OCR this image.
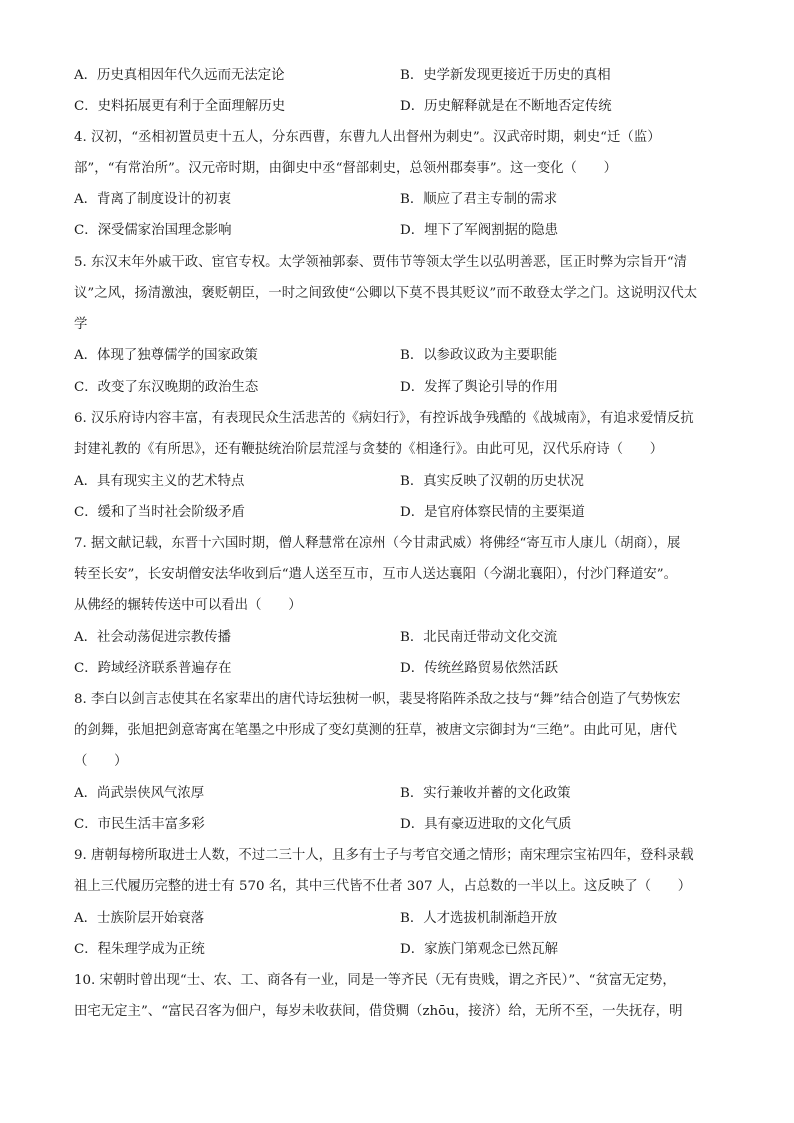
A．历史真相因年代久远而无法定论	B．史学新发现更接近于历史的真相
C．史料拓展更有利于全面理解历史	D．历史解释就是在不断地否定传统
4. 汉初，“丞相初置员吏十五人，分东西曹，东曹九人出督州为刺史”。汉武帝时期，刺史“迁（监）
部”，“有常治所”。汉元帝时期，由御史中丞“督部刺史，总领州郡奏事”。这一变化（　　）
A．背离了制度设计的初衷	B．顺应了君主专制的需求
C．深受儒家治国理念影响	D．埋下了军阀割据的隐患
5. 东汉末年外戚干政、宦官专权。太学领袖郭泰、贾伟节等领太学生以弘明善恶，匡正时弊为宗旨开“清
议”之风，扬清激浊，褒贬朝臣，一时之间致使“公卿以下莫不畏其贬议”而不敢登太学之门。这说明汉代太
学
A．体现了独尊儒学的国家政策	B．以参政议政为主要职能
C．改变了东汉晚期的政治生态	D．发挥了舆论引导的作用
6. 汉乐府诗内容丰富，有表现民众生活悲苦的《病妇行》，有控诉战争残酷的《战城南》，有追求爱情反抗
封建礼教的《有所思》，还有鞭挞统治阶层荒淫与贪婪的《相逢行》。由此可见，汉代乐府诗（　　）
A．具有现实主义的艺术特点	B．真实反映了汉朝的历史状况
C．缓和了当时社会阶级矛盾	D．是官府体察民情的主要渠道
7. 据文献记载，东晋十六国时期，僧人释慧常在凉州（今甘肃武威）将佛经“寄互市人康儿（胡商），展
转至长安”，长安胡僧安法华收到后“遣人送至互市，互市人送达襄阳（今湖北襄阳），付沙门释道安”。
从佛经的辗转传送中可以看出（　　）
A．社会动荡促进宗教传播	B．北民南迁带动文化交流
C．跨域经济联系普遍存在	D．传统丝路贸易依然活跃
8. 李白以剑言志使其在名家辈出的唐代诗坛独树一帜，裴旻将陷阵杀敌之技与“舞”结合创造了气势恢宏
的剑舞，张旭把剑意寄寓在笔墨之中形成了变幻莫测的狂草，被唐文宗御封为“三绝”。由此可见，唐代
（　　）
A．尚武崇侠风气浓厚	B．实行兼收并蓄的文化政策
C．市民生活丰富多彩	D．具有豪迈进取的文化气质
9. 唐朝每榜所取进士人数，不过二三十人，且多有士子与考官交通之情形；南宋理宗宝祐四年，登科录载
祖上三代履历完整的进士有 570 名，其中三代皆不仕者 307 人，占总数的一半以上。这反映了（　　）
A．士族阶层开始衰落	B．人才选拔机制渐趋开放
C．程朱理学成为正统	D．家族门第观念已然瓦解
10. 宋朝时曾出现“士、农、工、商各有一业，同是一等齐民（无有贵贱，谓之齐民）”、“贫富无定势，
田宅无定主”、“富民召客为佃户，每岁未收获间，借贷赒（zhōu，接济）给，无所不至，一失抚存，明
